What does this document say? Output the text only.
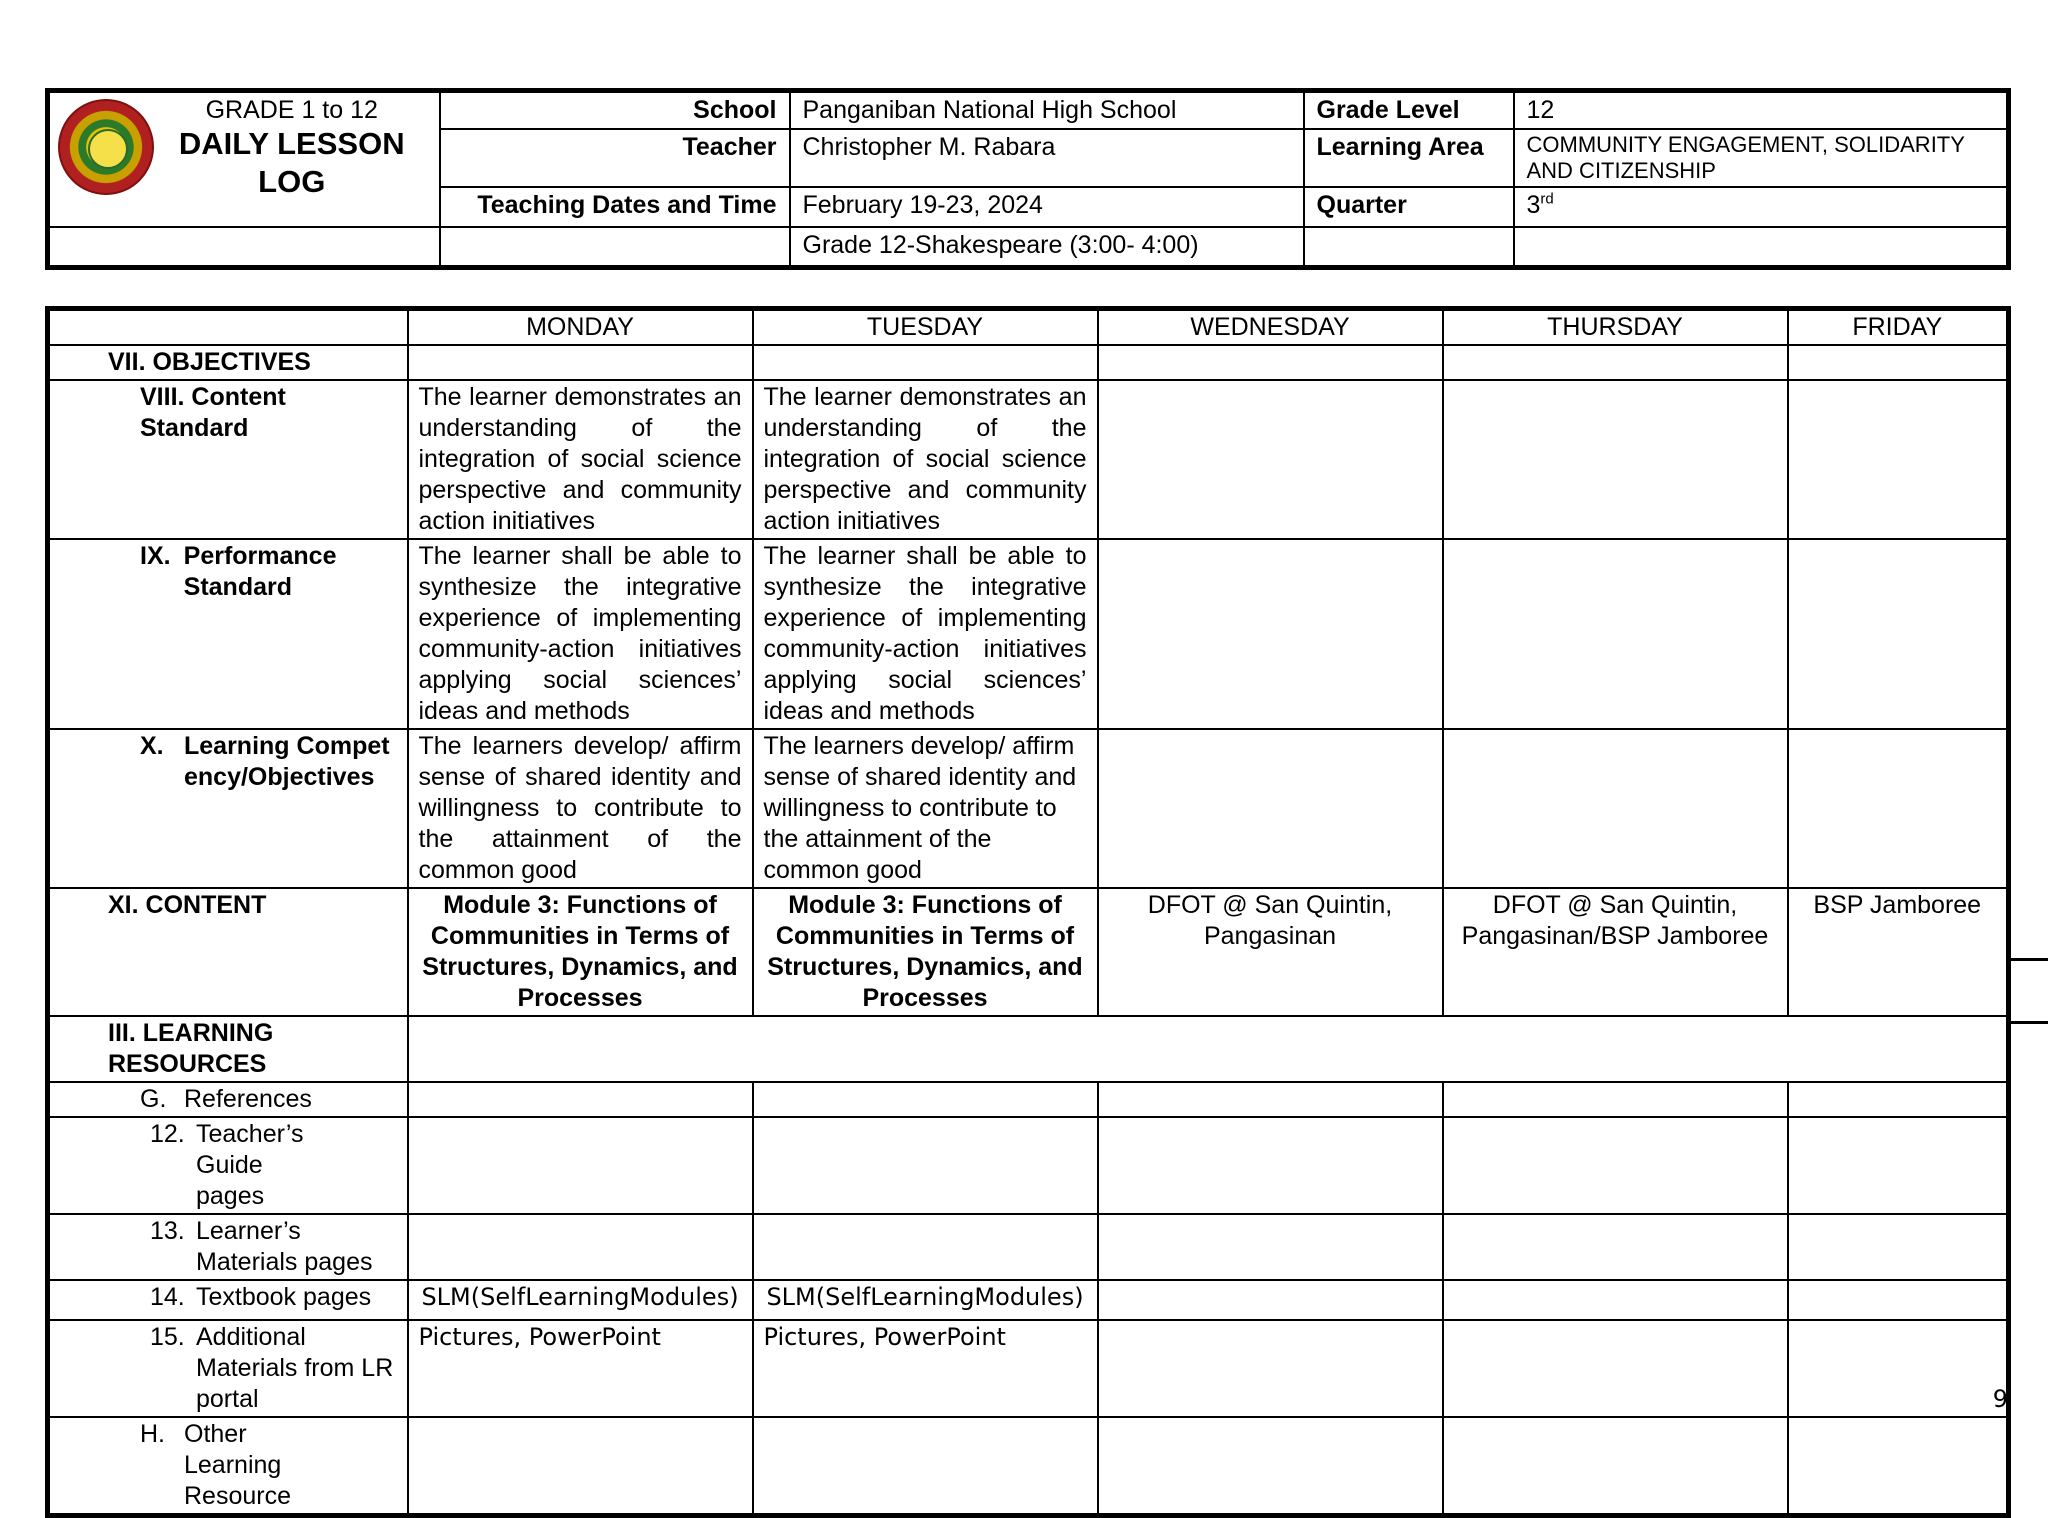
GRADE 1 to 12
DAILY LESSON LOG	School	Panganiban National High School	Grade Level	12
	Teacher	Christopher M. Rabara	Learning Area	COMMUNITY ENGAGEMENT, SOLIDARITY AND CITIZENSHIP
	Teaching Dates and Time	February 19-23, 2024	Quarter	3rd
		Grade 12-Shakespeare (3:00- 4:00)		
	MONDAY	TUESDAY	WEDNESDAY	THURSDAY	FRIDAY
VII. OBJECTIVES					
VIII. Content Standard	The learner demonstrates an understanding of the integration of social science perspective and community action initiatives	The learner demonstrates an understanding of the integration of social science perspective and community action initiatives			

IX. Performance Standard	The learner shall be able to synthesize the integrative experience of implementing community-action initiatives applying social sciences’ ideas and methods	The learner shall be able to synthesize the integrative experience of implementing community-action initiatives applying social sciences’ ideas and methods			

X. Learning Competency/Objectives	The learners develop/ affirm sense of shared identity and willingness to contribute to the attainment of the common good	The learners develop/ affirm sense of shared identity and willingness to contribute to the attainment of the common good			
XI. CONTENT	Module 3: Functions of Communities in Terms of Structures, Dynamics, and Processes	Module 3: Functions of Communities in Terms of Structures, Dynamics, and Processes	DFOT @ San Quintin, Pangasinan	DFOT @ San Quintin, Pangasinan/BSP Jamboree	BSP Jamboree
III. LEARNING RESOURCES					
G. References					

12. Teacher’s Guide pages					

13. Learner’s Materials pages					

14. Textbook pages	SLM(SelfLearningModules)	SLM(SelfLearningModules)			

15. Additional Materials from LR portal	Pictures, PowerPoint	Pictures, PowerPoint			

H. Other Learning Resource					

9
